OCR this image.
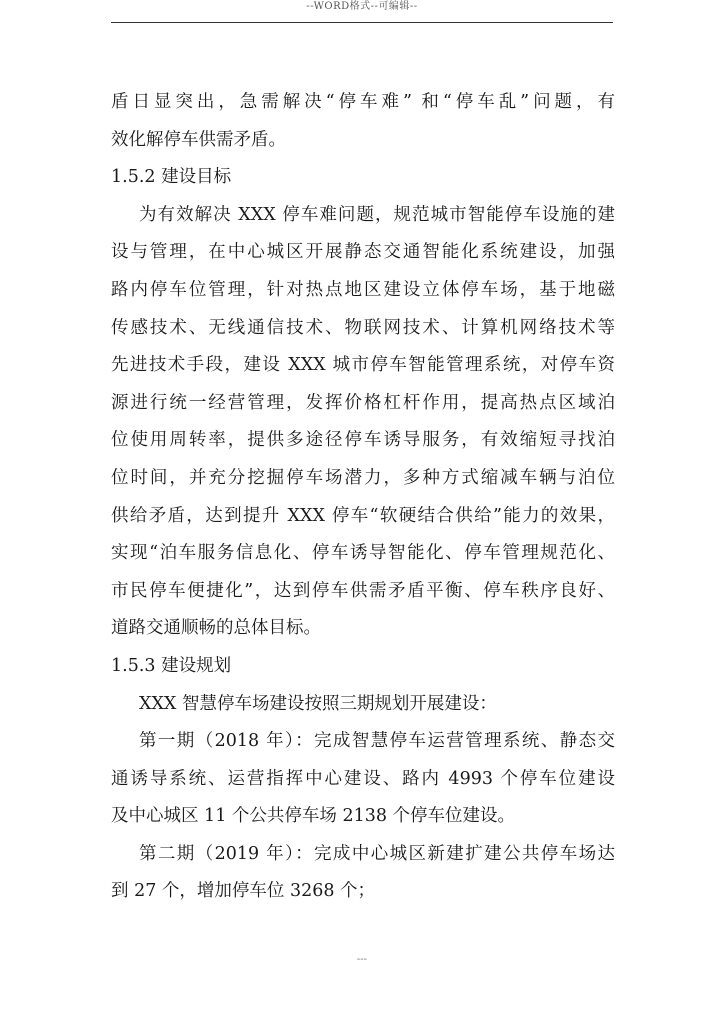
--WORD格式--可编辑--
盾日显突出，急需解决“停车难” 和“停车乱”问题，有
效化解停车供需矛盾。
1.5.2 建设目标
为有效解决 XXX 停车难问题，规范城市智能停车设施的建
设与管理，在中心城区开展静态交通智能化系统建设，加强
路内停车位管理，针对热点地区建设立体停车场，基于地磁
传感技术、无线通信技术、物联网技术、计算机网络技术等
先进技术手段，建设 XXX 城市停车智能管理系统，对停车资
源进行统一经营管理，发挥价格杠杆作用，提高热点区域泊
位使用周转率，提供多途径停车诱导服务，有效缩短寻找泊
位时间，并充分挖掘停车场潜力，多种方式缩减车辆与泊位
供给矛盾，达到提升 XXX 停车“软硬结合供给”能力的效果，
实现“泊车服务信息化、停车诱导智能化、停车管理规范化、
市民停车便捷化”，达到停车供需矛盾平衡、停车秩序良好、
道路交通顺畅的总体目标。
1.5.3 建设规划
XXX 智慧停车场建设按照三期规划开展建设：
第一期（2018 年）：完成智慧停车运营管理系统、静态交
通诱导系统、运营指挥中心建设、路内 4993 个停车位建设
及中心城区 11 个公共停车场 2138 个停车位建设。
第二期（2019 年）：完成中心城区新建扩建公共停车场达
到 27 个，增加停车位 3268 个；
---
